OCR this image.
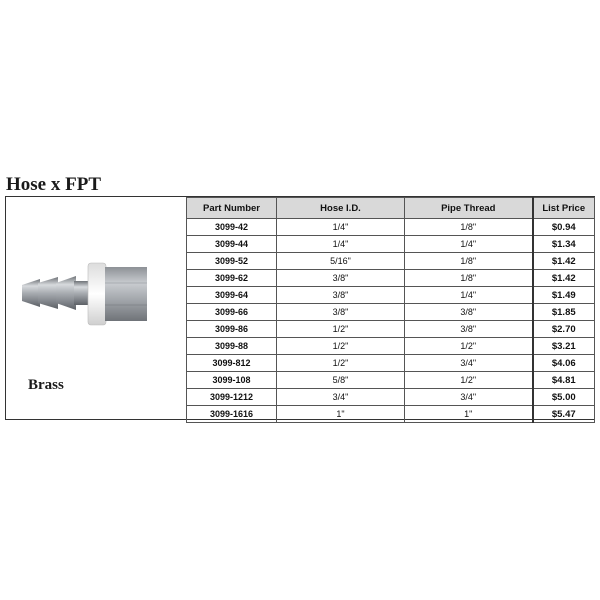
Hose x FPT
Brass
Part Number	Hose I.D.	Pipe Thread	List Price
3099-42	1/4"	1/8"	$0.94
3099-44	1/4"	1/4"	$1.34
3099-52	5/16"	1/8"	$1.42
3099-62	3/8"	1/8"	$1.42
3099-64	3/8"	1/4"	$1.49
3099-66	3/8"	3/8"	$1.85
3099-86	1/2"	3/8"	$2.70
3099-88	1/2"	1/2"	$3.21
3099-812	1/2"	3/4"	$4.06
3099-108	5/8"	1/2"	$4.81
3099-1212	3/4"	3/4"	$5.00
3099-1616	1"	1"	$5.47
